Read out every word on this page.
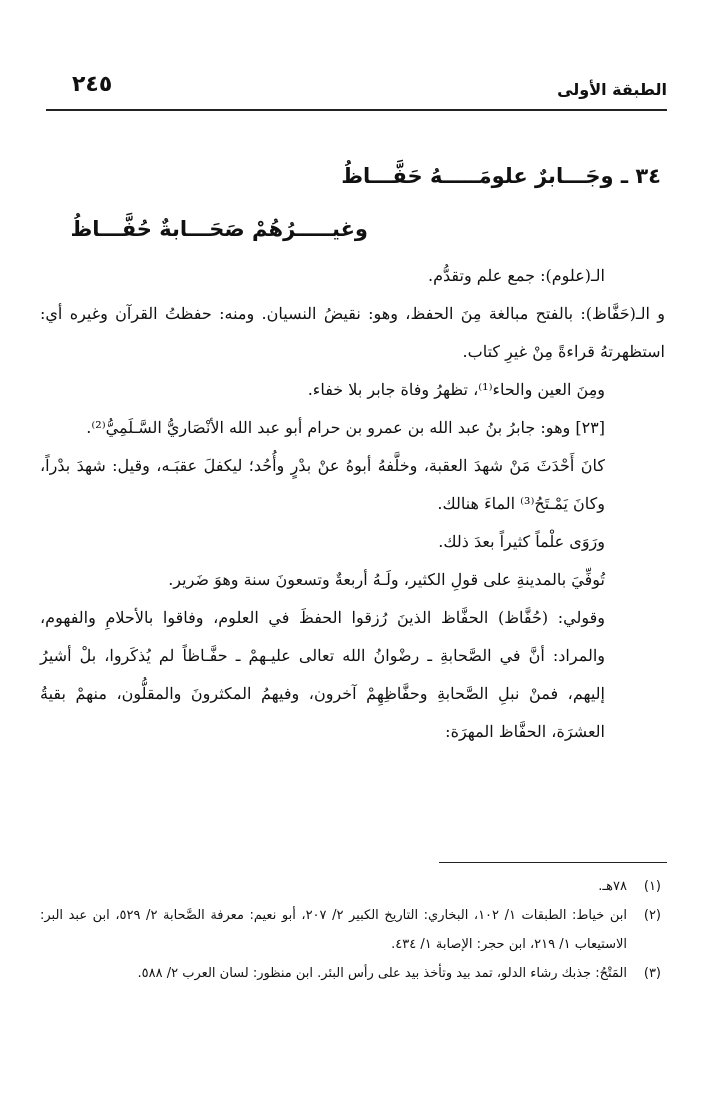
الطبقة الأولى
٢٤٥
٣٤ ـ وجَـــابرٌ علومَـــــهُ حَفَّـــاظُ
وغيـــــرُهُمْ صَحَـــابةٌ حُفَّـــاظُ

الـ(علوم): جمع علم وتقدُّم.

و الـ(حَفَّاظ): بالفتح مبالغة مِنَ الحفظ، وهو: نقيضُ النسيان. ومنه: حفظتُ القرآن وغيره أي: استظهرتهُ قراءةً مِنْ غيرِ كتاب.

ومِنَ العين والحاء⁽¹⁾، تظهرُ وفاة جابر بلا خفاء.

[٢٣] وهو: جابرُ بنُ عبد الله بن عمرو بن حرام أبو عبد الله الأنْصَاريُّ السَّـلَمِيُّ⁽²⁾.

كانَ أَحْدَثَ مَنْ شهدَ العقبة، وخلَّفهُ أبوهُ عنْ بدْرٍ وأُحُد؛ ليكفلَ عقبَـه، وقيل: شهدَ بدْراً، وكانَ يَمْـتَحُ⁽³⁾ الماءَ هنالك.

ورَوَى علْماً كثيراً بعدَ ذلك.

تُوفِّيَ بالمدينةِ على قولِ الكثير، ولَـهُ أربعةٌ وتسعونَ سنة وهوَ ضَرير.

وقولي: (حُفَّاظ) الحفَّاظ الذينَ رُزقوا الحفظَ في العلوم، وفاقوا بالأحلامِ والفهوم، والمراد: أنَّ في الصَّحابةِ ـ رضْوانُ الله تعالى عليـهمْ ـ حفَّـاظاً لم يُذكَروا، بلْ أشيرُ إليهم، فمنْ نبلِ الصَّحابةِ وحفَّاظِهِمْ آخرون، وفيهمُ المكثرونَ والمقلُّون، منهمْ بقيةُ العشرَة، الحفَّاظ المهرَة:

(١)
٧٨هـ.
(٢)
ابن خياط: الطبقات ١/ ١٠٢، البخاري: التاريخ الكبير ٢/ ٢٠٧، أبو نعيم: معرفة الصَّحابة ٢/ ٥٢٩، ابن عبد البر: الاستيعاب ١/ ٢١٩، ابن حجر: الإصابة ١/ ٤٣٤.
(٣)
المَتْحُ: جذبك رشاء الدلو، تمد بيد وتأخذ بيد على رأس البئر. ابن منظور: لسان العرب ٢/ ٥٨٨.
